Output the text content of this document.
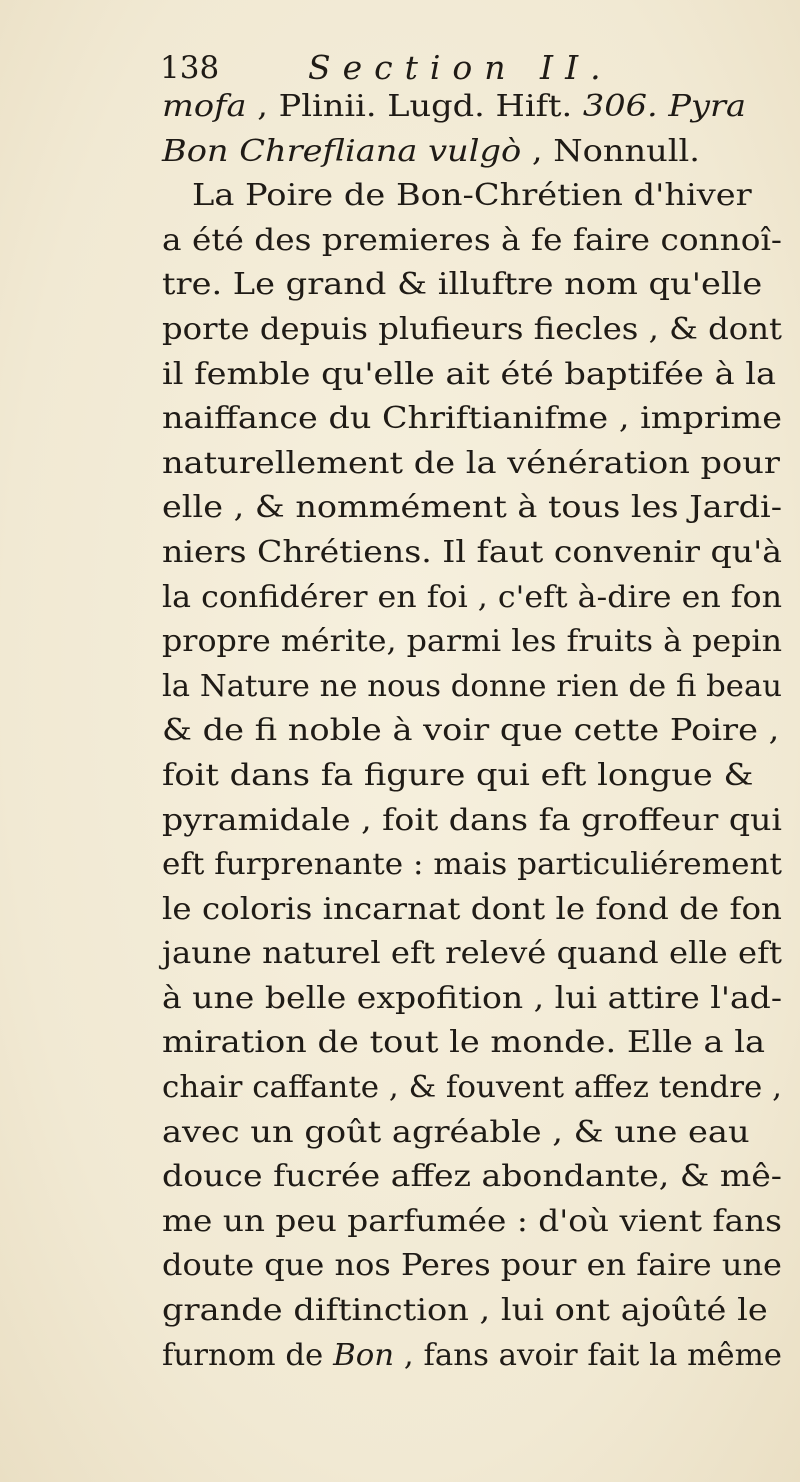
138	Section II.
mofa , Plinii. Lugd. Hift. 306. Pyra
Bon Chrefliana vulgò , Nonnull.
La Poire de Bon-Chrétien d'hiver
a été des premieres à fe faire connoî-
tre. Le grand & illuftre nom qu'elle
porte depuis plufieurs fiecles , & dont
il femble qu'elle ait été baptifée à la
naiffance du Chriftianifme , imprime
naturellement de la vénération pour
elle , & nommément à tous les Jardi-
niers Chrétiens. Il faut convenir qu'à
la confidérer en foi , c'eft à-dire en fon
propre mérite, parmi les fruits à pepin
la Nature ne nous donne rien de fi beau
& de fi noble à voir que cette Poire ,
foit dans fa figure qui eft longue &
pyramidale , foit dans fa groffeur qui
eft furprenante : mais particuliérement
le coloris incarnat dont le fond de fon
jaune naturel eft relevé quand elle eft
à une belle expofition , lui attire l'ad-
miration de tout le monde. Elle a la
chair caffante , & fouvent affez tendre ,
avec un goût agréable , & une eau
douce fucrée affez abondante, & mê-
me un peu parfumée : d'où vient fans
doute que nos Peres pour en faire une
grande diftinction , lui ont ajoûté le
furnom de Bon , fans avoir fait la même
